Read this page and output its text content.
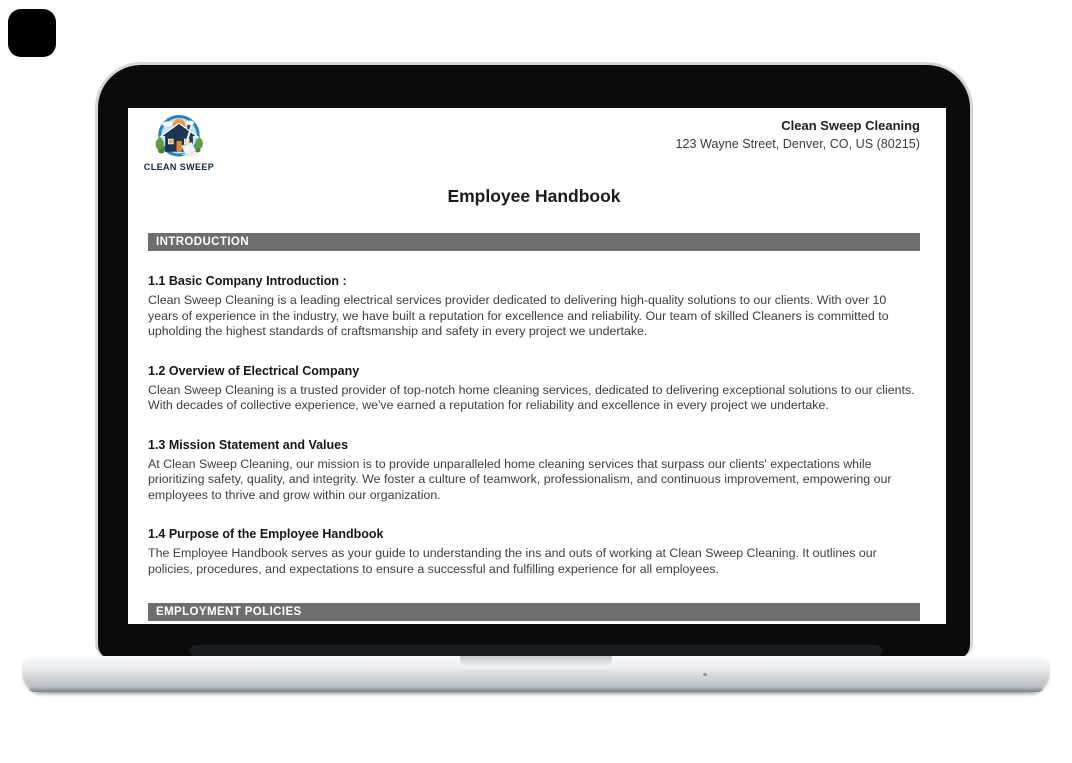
CLEAN SWEEP
Clean Sweep Cleaning
123 Wayne Street, Denver, CO, US (80215)
Employee Handbook
INTRODUCTION
1.1 Basic Company Introduction :
Clean Sweep Cleaning is a leading electrical services provider dedicated to delivering high-quality solutions to our clients. With over 10 years of experience in the industry, we have built a reputation for excellence and reliability. Our team of skilled Cleaners is committed to upholding the highest standards of craftsmanship and safety in every project we undertake.
1.2 Overview of Electrical Company
Clean Sweep Cleaning is a trusted provider of top-notch home cleaning services, dedicated to delivering exceptional solutions to our clients. With decades of collective experience, we've earned a reputation for reliability and excellence in every project we undertake.
1.3 Mission Statement and Values
At Clean Sweep Cleaning, our mission is to provide unparalleled home cleaning services that surpass our clients' expectations while prioritizing safety, quality, and integrity. We foster a culture of teamwork, professionalism, and continuous improvement, empowering our employees to thrive and grow within our organization.
1.4 Purpose of the Employee Handbook
The Employee Handbook serves as your guide to understanding the ins and outs of working at Clean Sweep Cleaning. It outlines our policies, procedures, and expectations to ensure a successful and fulfilling experience for all employees.
EMPLOYMENT POLICIES
